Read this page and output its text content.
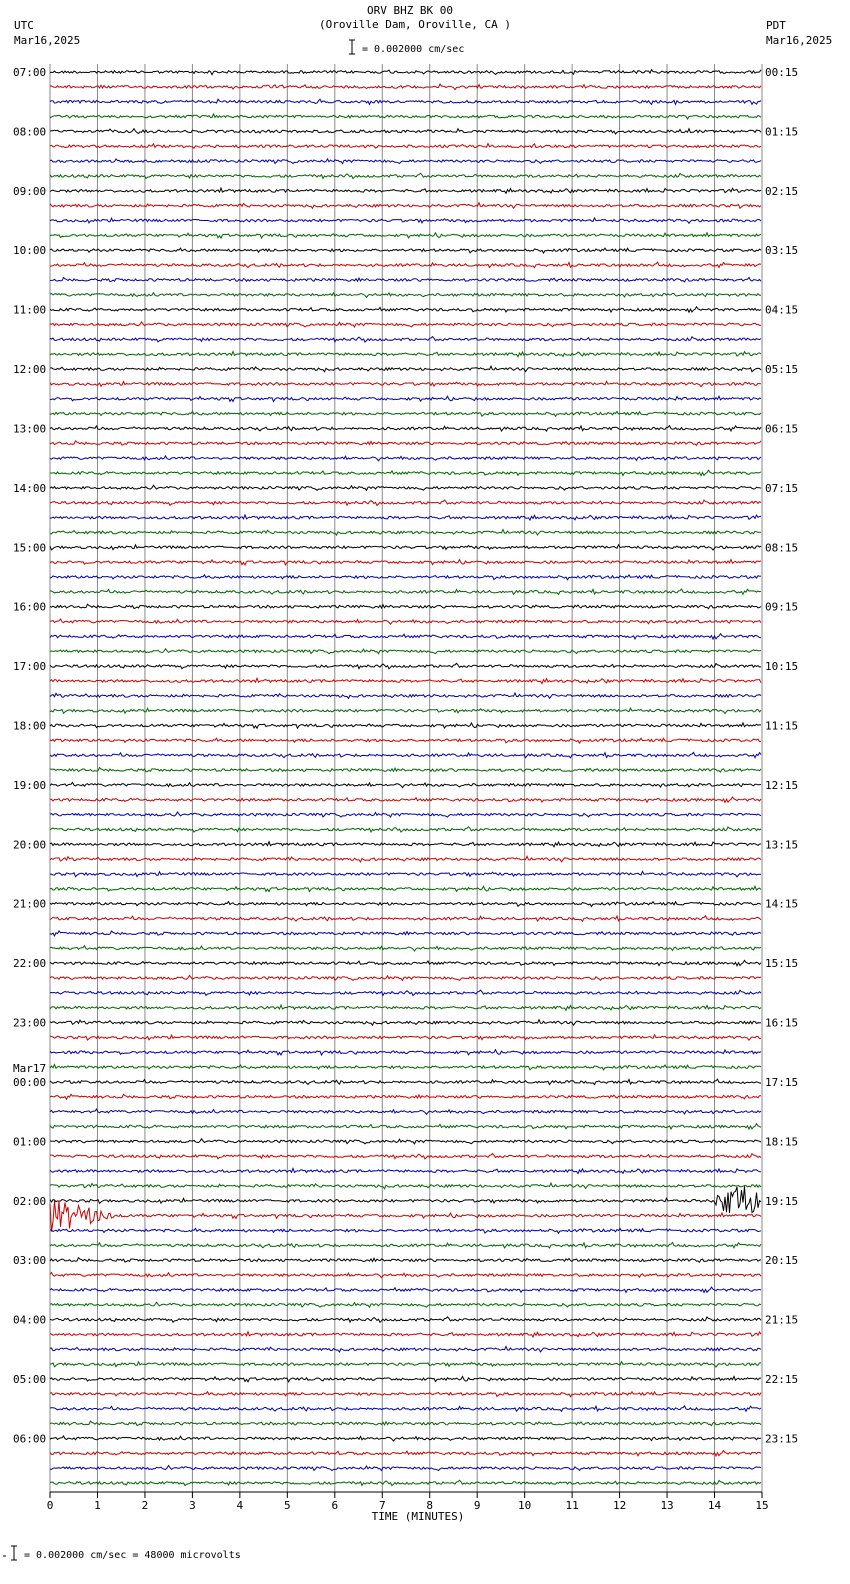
ORV BHZ BK 00
(Oroville Dam, Oroville, CA )
UTC
Mar16,2025
PDT
Mar16,2025
= 0.002000 cm/sec
07:00
08:00
09:00
10:00
11:00
12:00
13:00
14:00
15:00
16:00
17:00
18:00
19:00
20:00
21:00
22:00
23:00
00:00
01:00
02:00
03:00
04:00
05:00
06:00
Mar17
00:15
01:15
02:15
03:15
04:15
05:15
06:15
07:15
08:15
09:15
10:15
11:15
12:15
13:15
14:15
15:15
16:15
17:15
18:15
19:15
20:15
21:15
22:15
23:15
0	1	2	3	4	5	6	7	8	9	10	11	12	13	14	15
TIME (MINUTES)
= 0.002000 cm/sec = 48000 microvolts
